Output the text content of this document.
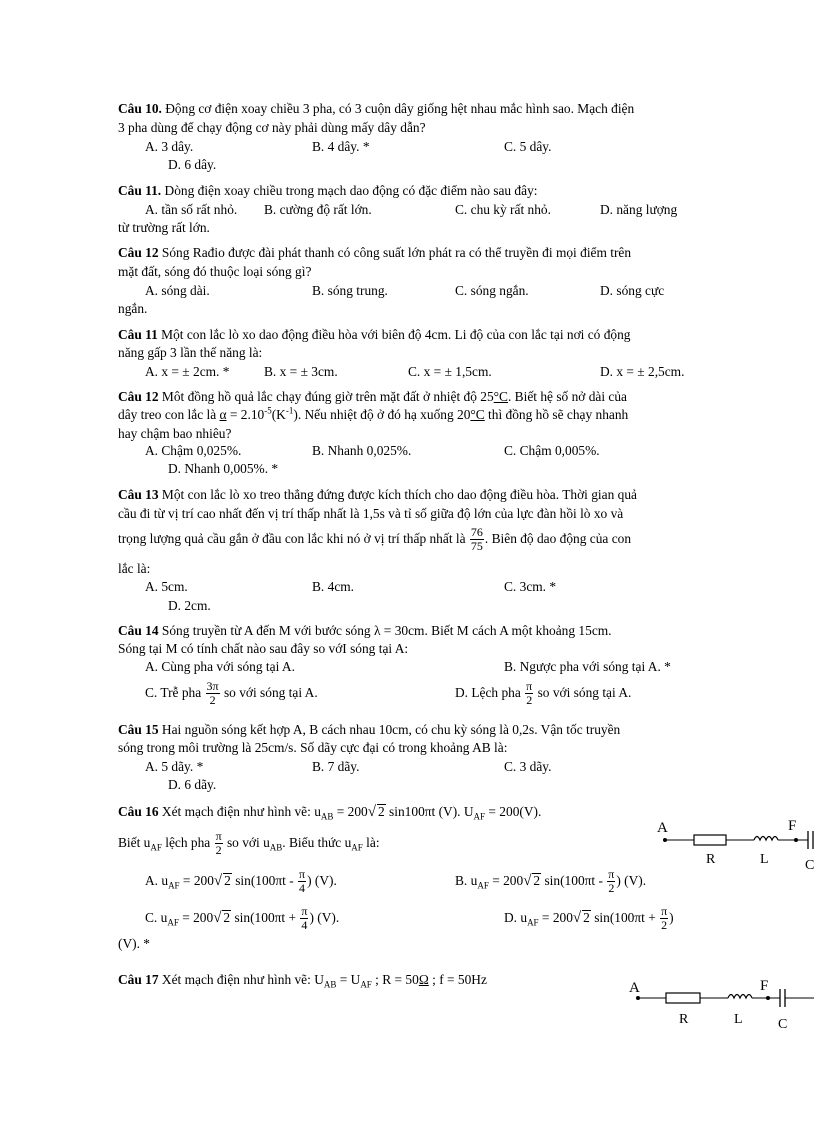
Câu 10. Động cơ điện xoay chiều 3 pha, có 3 cuộn dây giống hệt nhau mắc hình sao. Mạch điện
3 pha dùng để chạy động cơ này phải dùng mấy dây dẫn?
A. 3 dây.	B. 4 dây. *	C. 5 dây.
D. 6 dây.
Câu 11. Dòng điện xoay chiều trong mạch dao động có đặc điểm nào sau đây:
A. tần số rất nhỏ. B. cường độ rất lớn.	C. chu kỳ rất nhỏ.	D. năng lượng
từ trường rất lớn.
Câu 12 Sóng Rađio được đài phát thanh có công suất lớn phát ra có thể truyền đi mọi điểm trên
mặt đất, sóng đó thuộc loại sóng gì?
A. sóng dài.	B. sóng trung.	C. sóng ngắn.	D. sóng cực
ngắn.
Câu 11 Một con lắc lò xo dao động điều hòa với biên độ 4cm. Li độ của con lắc tại nơi có động
năng gấp 3 lần thế năng là:
A. x = ± 2cm. *	B. x = ± 3cm.	C. x = ± 1,5cm.	D. x = ± 2,5cm.
Câu 12 Môt đồng hồ quả lắc chạy đúng giờ trên mặt đất ở nhiệt độ 25°C. Biết hệ số nở dài của
dây treo con lắc là $\alpha = 2.10^{-5}(K^{-1})$. Nếu nhiệt độ ở đó hạ xuống 20°C thì đồng hồ sẽ chạy nhanh
hay chậm bao nhiêu?
A. Chậm 0,025%.	B. Nhanh 0,025%.	C. Chậm 0,005%.
D. Nhanh 0,005%. *
Câu 13 Một con lắc lò xo treo thẳng đứng được kích thích cho dao động điều hòa. Thời gian quả
cầu đi từ vị trí cao nhất đến vị trí thấp nhất là 1,5s và tỉ số giữa độ lớn của lực đàn hồi lò xo và
trọng lượng quả cầu gắn ở đầu con lắc khi nó ở vị trí thấp nhất là $\frac{76}{75}$ . Biên độ dao động của con
lắc là:
A. 5cm.	B. 4cm.	C. 3cm. *
D. 2cm.
Câu 14 Sóng truyền từ A đến M với bước sóng λ = 30cm. Biết M cách A một khoảng 15cm.
Sóng tại M có tính chất nào sau đây so vớI sóng tại A:
A. Cùng pha với sóng tại A.	B. Ngược pha với sóng tại A. *
C. Trễ pha $\frac{3\pi}{2}$ so với sóng tại A.	D. Lệch pha $\frac{\pi}{2}$ so với sóng tại A.
Câu 15 Hai nguồn sóng kết hợp A, B cách nhau 10cm, có chu kỳ sóng là 0,2s. Vận tốc truyền
sóng trong môi trường là 25cm/s. Số dãy cực đại có trong khoảng AB là:
A. 5 dãy. *	B. 7 dãy.	C. 3 dãy.
D. 6 dãy.
Câu 16 Xét mạch điện như hình vẽ: $u_{AB} = 200√$ 2 sin100πt (V). $U_{AF} = 200(V)$.
Biết $u_{AF}$ lệch pha $\frac{\pi}{2}$ so với $u_{AB}$. Biểu thức $u_{AF}$ là:
A. $u_{AF} = 200√$ 2 $\sin(100\pi t - \frac{\pi}{4}$ ) (V).	B. $u_{AF} = 200√$ 2 $\sin(100\pi t - \frac{\pi}{2}$ ) (V).
C. $u_{AF} = 200√$ 2 $\sin(100\pi t + \frac{\pi}{4}$ ) (V).	D. $u_{AF} = 200√$ 2 $\sin(100\pi t + \frac{\pi}{2}$ )
(V). *
Câu 17 Xét mạch điện như hình vẽ: $U_{AB} = U_{AF}$ ; R = 50Ω ; f = 50Hz
A	F
R	L	C
A	F
R	L	C
